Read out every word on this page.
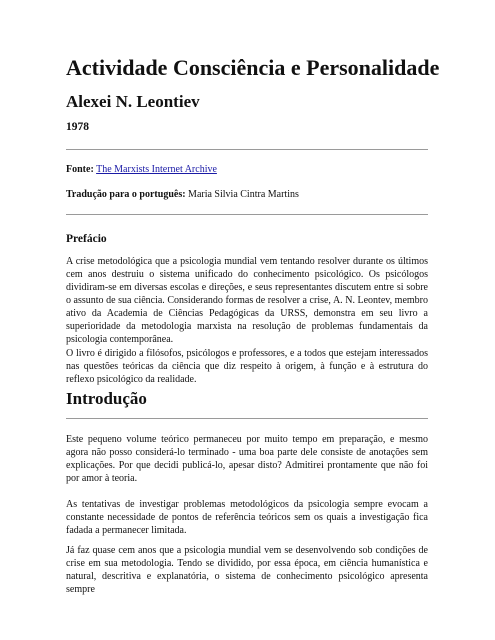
Actividade Consciência e Personalidade
Alexei N. Leontiev
1978
Fonte: The Marxists Internet Archive
Tradução para o português: Maria Silvia Cintra Martins
Prefácio

A crise metodológica que a psicologia mundial vem tentando resolver durante os últimos cem anos destruiu o sistema unificado do conhecimento psicológico. Os psicólogos dividiram-se em diversas escolas e direções, e seus representantes discutem entre si sobre o assunto de sua ciência. Considerando formas de resolver a crise, A. N. Leontev, membro ativo da Academia de Ciências Pedagógicas da URSS, demonstra em seu livro a superioridade da metodologia marxista na resolução de problemas fundamentais da psicologia contemporânea.

O livro é dirigido a filósofos, psicólogos e professores, e a todos que estejam interessados nas questões teóricas da ciência que diz respeito à origem, à função e à estrutura do reflexo psicológico da realidade.

Introdução

Este pequeno volume teórico permaneceu por muito tempo em preparação, e mesmo agora não posso considerá-lo terminado - uma boa parte dele consiste de anotações sem explicações. Por que decidi publicá-lo, apesar disto? Admitirei prontamente que não foi por amor à teoria.

As tentativas de investigar problemas metodológicos da psicologia sempre evocam a constante necessidade de pontos de referência teóricos sem os quais a investigação fica fadada a permanecer limitada.

Já faz quase cem anos que a psicologia mundial vem se desenvolvendo sob condições de crise em sua metodologia. Tendo se dividido, por essa época, em ciência humanística e natural, descritiva e explanatória, o sistema de conhecimento psicológico apresenta sempre
